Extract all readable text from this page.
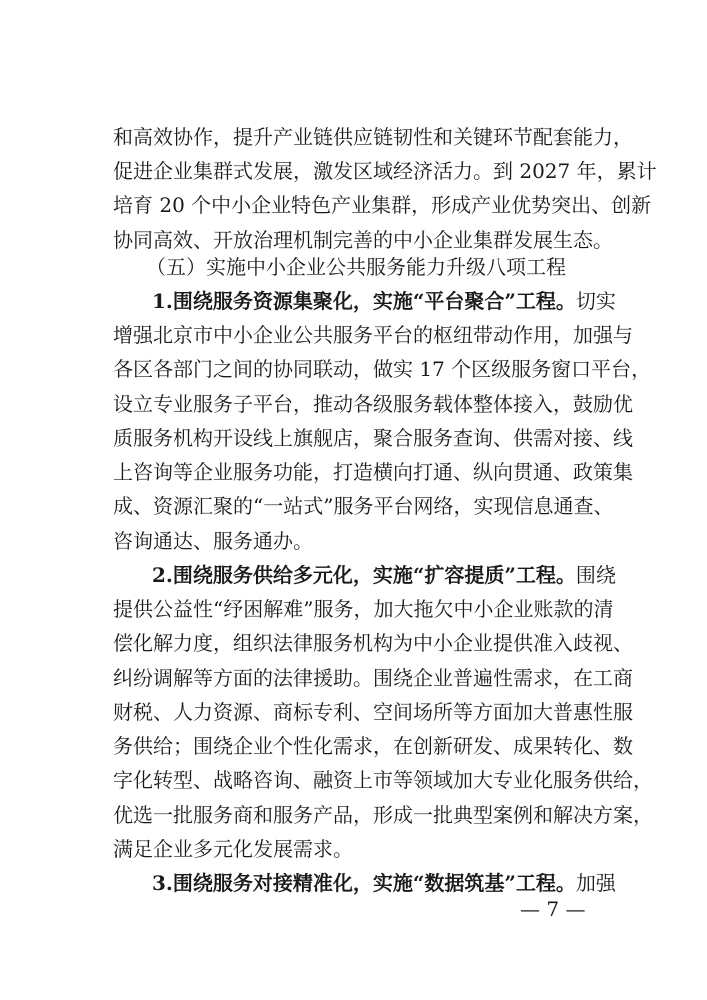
和高效协作，提升产业链供应链韧性和关键环节配套能力，
促进企业集群式发展，激发区域经济活力。到 2027 年，累计
培育 20 个中小企业特色产业集群，形成产业优势突出、创新
协同高效、开放治理机制完善的中小企业集群发展生态。
（五）实施中小企业公共服务能力升级八项工程
1.围绕服务资源集聚化，实施“平台聚合”工程。切实
增强北京市中小企业公共服务平台的枢纽带动作用，加强与
各区各部门之间的协同联动，做实 17 个区级服务窗口平台，
设立专业服务子平台，推动各级服务载体整体接入，鼓励优
质服务机构开设线上旗舰店，聚合服务查询、供需对接、线
上咨询等企业服务功能，打造横向打通、纵向贯通、政策集
成、资源汇聚的“一站式”服务平台网络，实现信息通查、
咨询通达、服务通办。
2.围绕服务供给多元化，实施“扩容提质”工程。围绕
提供公益性“纾困解难”服务，加大拖欠中小企业账款的清
偿化解力度，组织法律服务机构为中小企业提供准入歧视、
纠纷调解等方面的法律援助。围绕企业普遍性需求，在工商
财税、人力资源、商标专利、空间场所等方面加大普惠性服
务供给；围绕企业个性化需求，在创新研发、成果转化、数
字化转型、战略咨询、融资上市等领域加大专业化服务供给，
优选一批服务商和服务产品，形成一批典型案例和解决方案，
满足企业多元化发展需求。
3.围绕服务对接精准化，实施“数据筑基”工程。加强
— 7 —
